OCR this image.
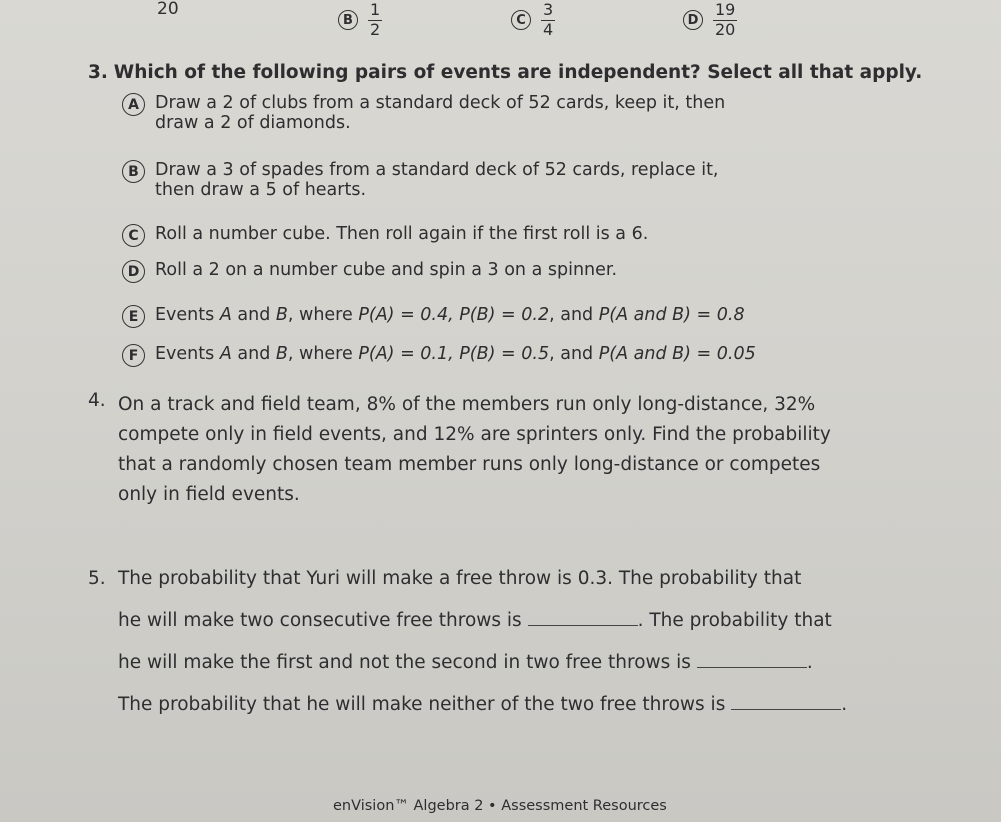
20
B $\frac{1}{2}$	C $\frac{3}{4}$	D $\frac{19}{20}$
3. Which of the following pairs of events are independent? Select all that apply.
A Draw a 2 of clubs from a standard deck of 52 cards, keep it, then
draw a 2 of diamonds.
B Draw a 3 of spades from a standard deck of 52 cards, replace it,
then draw a 5 of hearts.
C Roll a number cube. Then roll again if the first roll is a 6.
D Roll a 2 on a number cube and spin a 3 on a spinner.
E Events A and B, where P(A) = 0.4, P(B) = 0.2, and P(A and B) = 0.8
F Events A and B, where P(A) = 0.1, P(B) = 0.5, and P(A and B) = 0.05
4. On a track and field team, 8% of the members run only long-distance, 32%
compete only in field events, and 12% are sprinters only. Find the probability
that a randomly chosen team member runs only long-distance or competes
only in field events.
5. The probability that Yuri will make a free throw is 0.3. The probability that
he will make two consecutive free throws is	. The probability that
he will make the first and not the second in two free throws is	.
The probability that he will make neither of the two free throws is	.
enVision™ Algebra 2 • Assessment Resources
